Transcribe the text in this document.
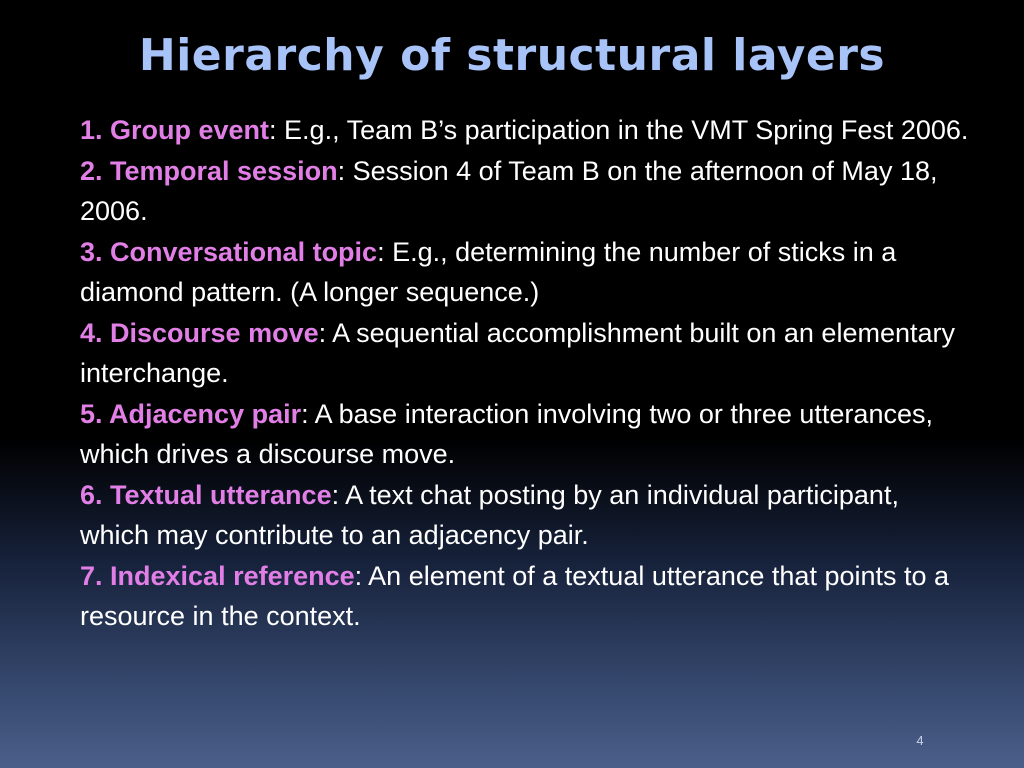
Hierarchy of structural layers

1. Group event: E.g., Team B’s participation in the VMT Spring Fest 2006.

2. Temporal session: Session 4 of Team B on the afternoon of May 18, 2006.

3. Conversational topic: E.g., determining the number of sticks in a diamond pattern. (A longer sequence.)

4. Discourse move: A sequential accomplishment built on an elementary interchange.

5. Adjacency pair: A base interaction involving two or three utterances, which drives a discourse move.

6. Textual utterance: A text chat posting by an individual participant, which may contribute to an adjacency pair.

7. Indexical reference: An element of a textual utterance that points to a resource in the context.

4
